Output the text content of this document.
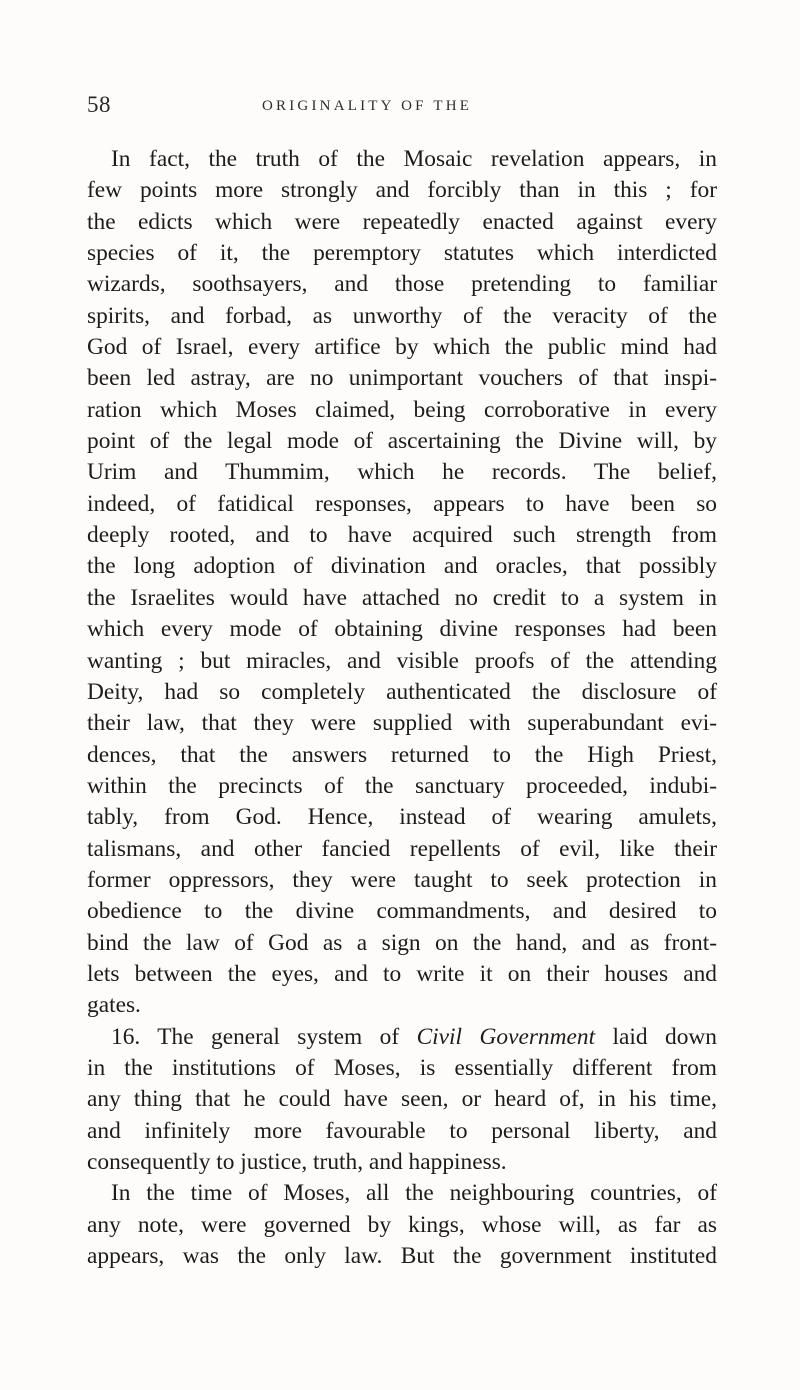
58	ORIGINALITY OF THE
In fact, the truth of the Mosaic revelation appears, in
few points more strongly and forcibly than in this ; for
the edicts which were repeatedly enacted against every
species of it, the peremptory statutes which interdicted
wizards, soothsayers, and those pretending to familiar
spirits, and forbad, as unworthy of the veracity of the
God of Israel, every artifice by which the public mind had
been led astray, are no unimportant vouchers of that inspi-
ration which Moses claimed, being corroborative in every
point of the legal mode of ascertaining the Divine will, by
Urim and Thummim, which he records. The belief,
indeed, of fatidical responses, appears to have been so
deeply rooted, and to have acquired such strength from
the long adoption of divination and oracles, that possibly
the Israelites would have attached no credit to a system in
which every mode of obtaining divine responses had been
wanting ; but miracles, and visible proofs of the attending
Deity, had so completely authenticated the disclosure of
their law, that they were supplied with superabundant evi-
dences, that the answers returned to the High Priest,
within the precincts of the sanctuary proceeded, indubi-
tably, from God. Hence, instead of wearing amulets,
talismans, and other fancied repellents of evil, like their
former oppressors, they were taught to seek protection in
obedience to the divine commandments, and desired to
bind the law of God as a sign on the hand, and as front-
lets between the eyes, and to write it on their houses and
gates.
16. The general system of Civil Government laid down
in the institutions of Moses, is essentially different from
any thing that he could have seen, or heard of, in his time,
and infinitely more favourable to personal liberty, and
consequently to justice, truth, and happiness.
In the time of Moses, all the neighbouring countries, of
any note, were governed by kings, whose will, as far as
appears, was the only law. But the government instituted
